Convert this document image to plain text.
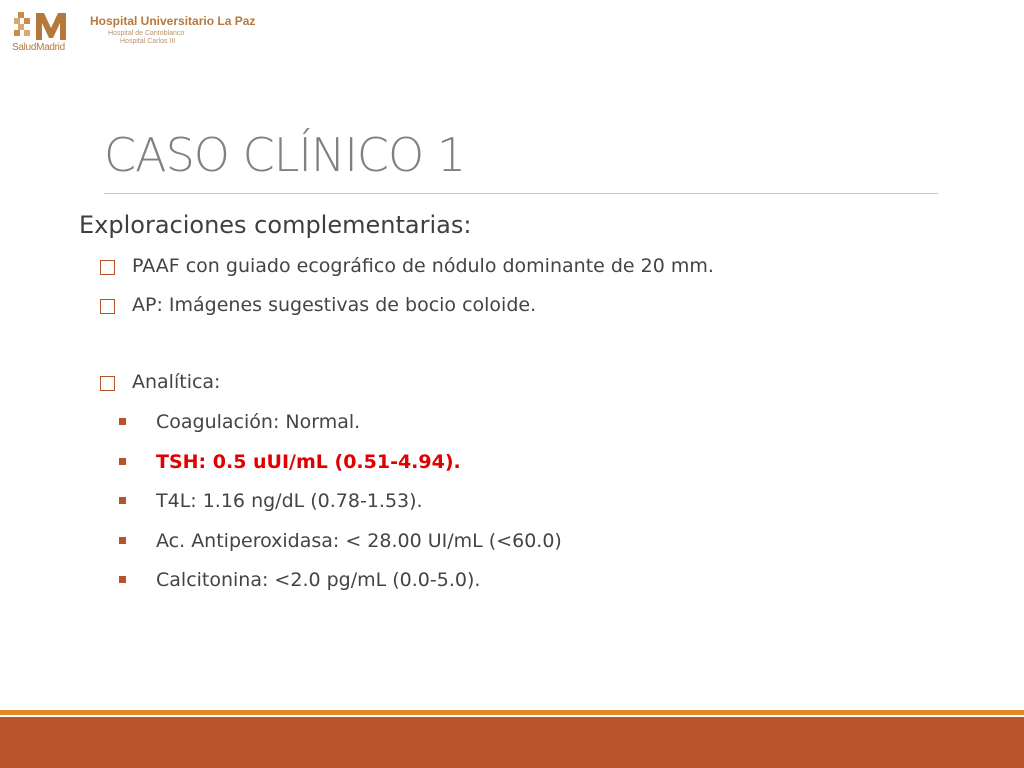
Hospital Universitario La Paz
Hospital de Cantoblanco
Hospital Carlos III
SaludMadrid
CASO CLÍNICO 1
Exploraciones complementarias:
PAAF con guiado ecográfico de nódulo dominante de 20 mm.
AP: Imágenes sugestivas de bocio coloide.
Analítica:
Coagulación: Normal.
TSH: 0.5 uUI/mL (0.51-4.94).
T4L: 1.16 ng/dL (0.78-1.53).
Ac. Antiperoxidasa: < 28.00 UI/mL (<60.0)
Calcitonina: <2.0 pg/mL (0.0-5.0).
